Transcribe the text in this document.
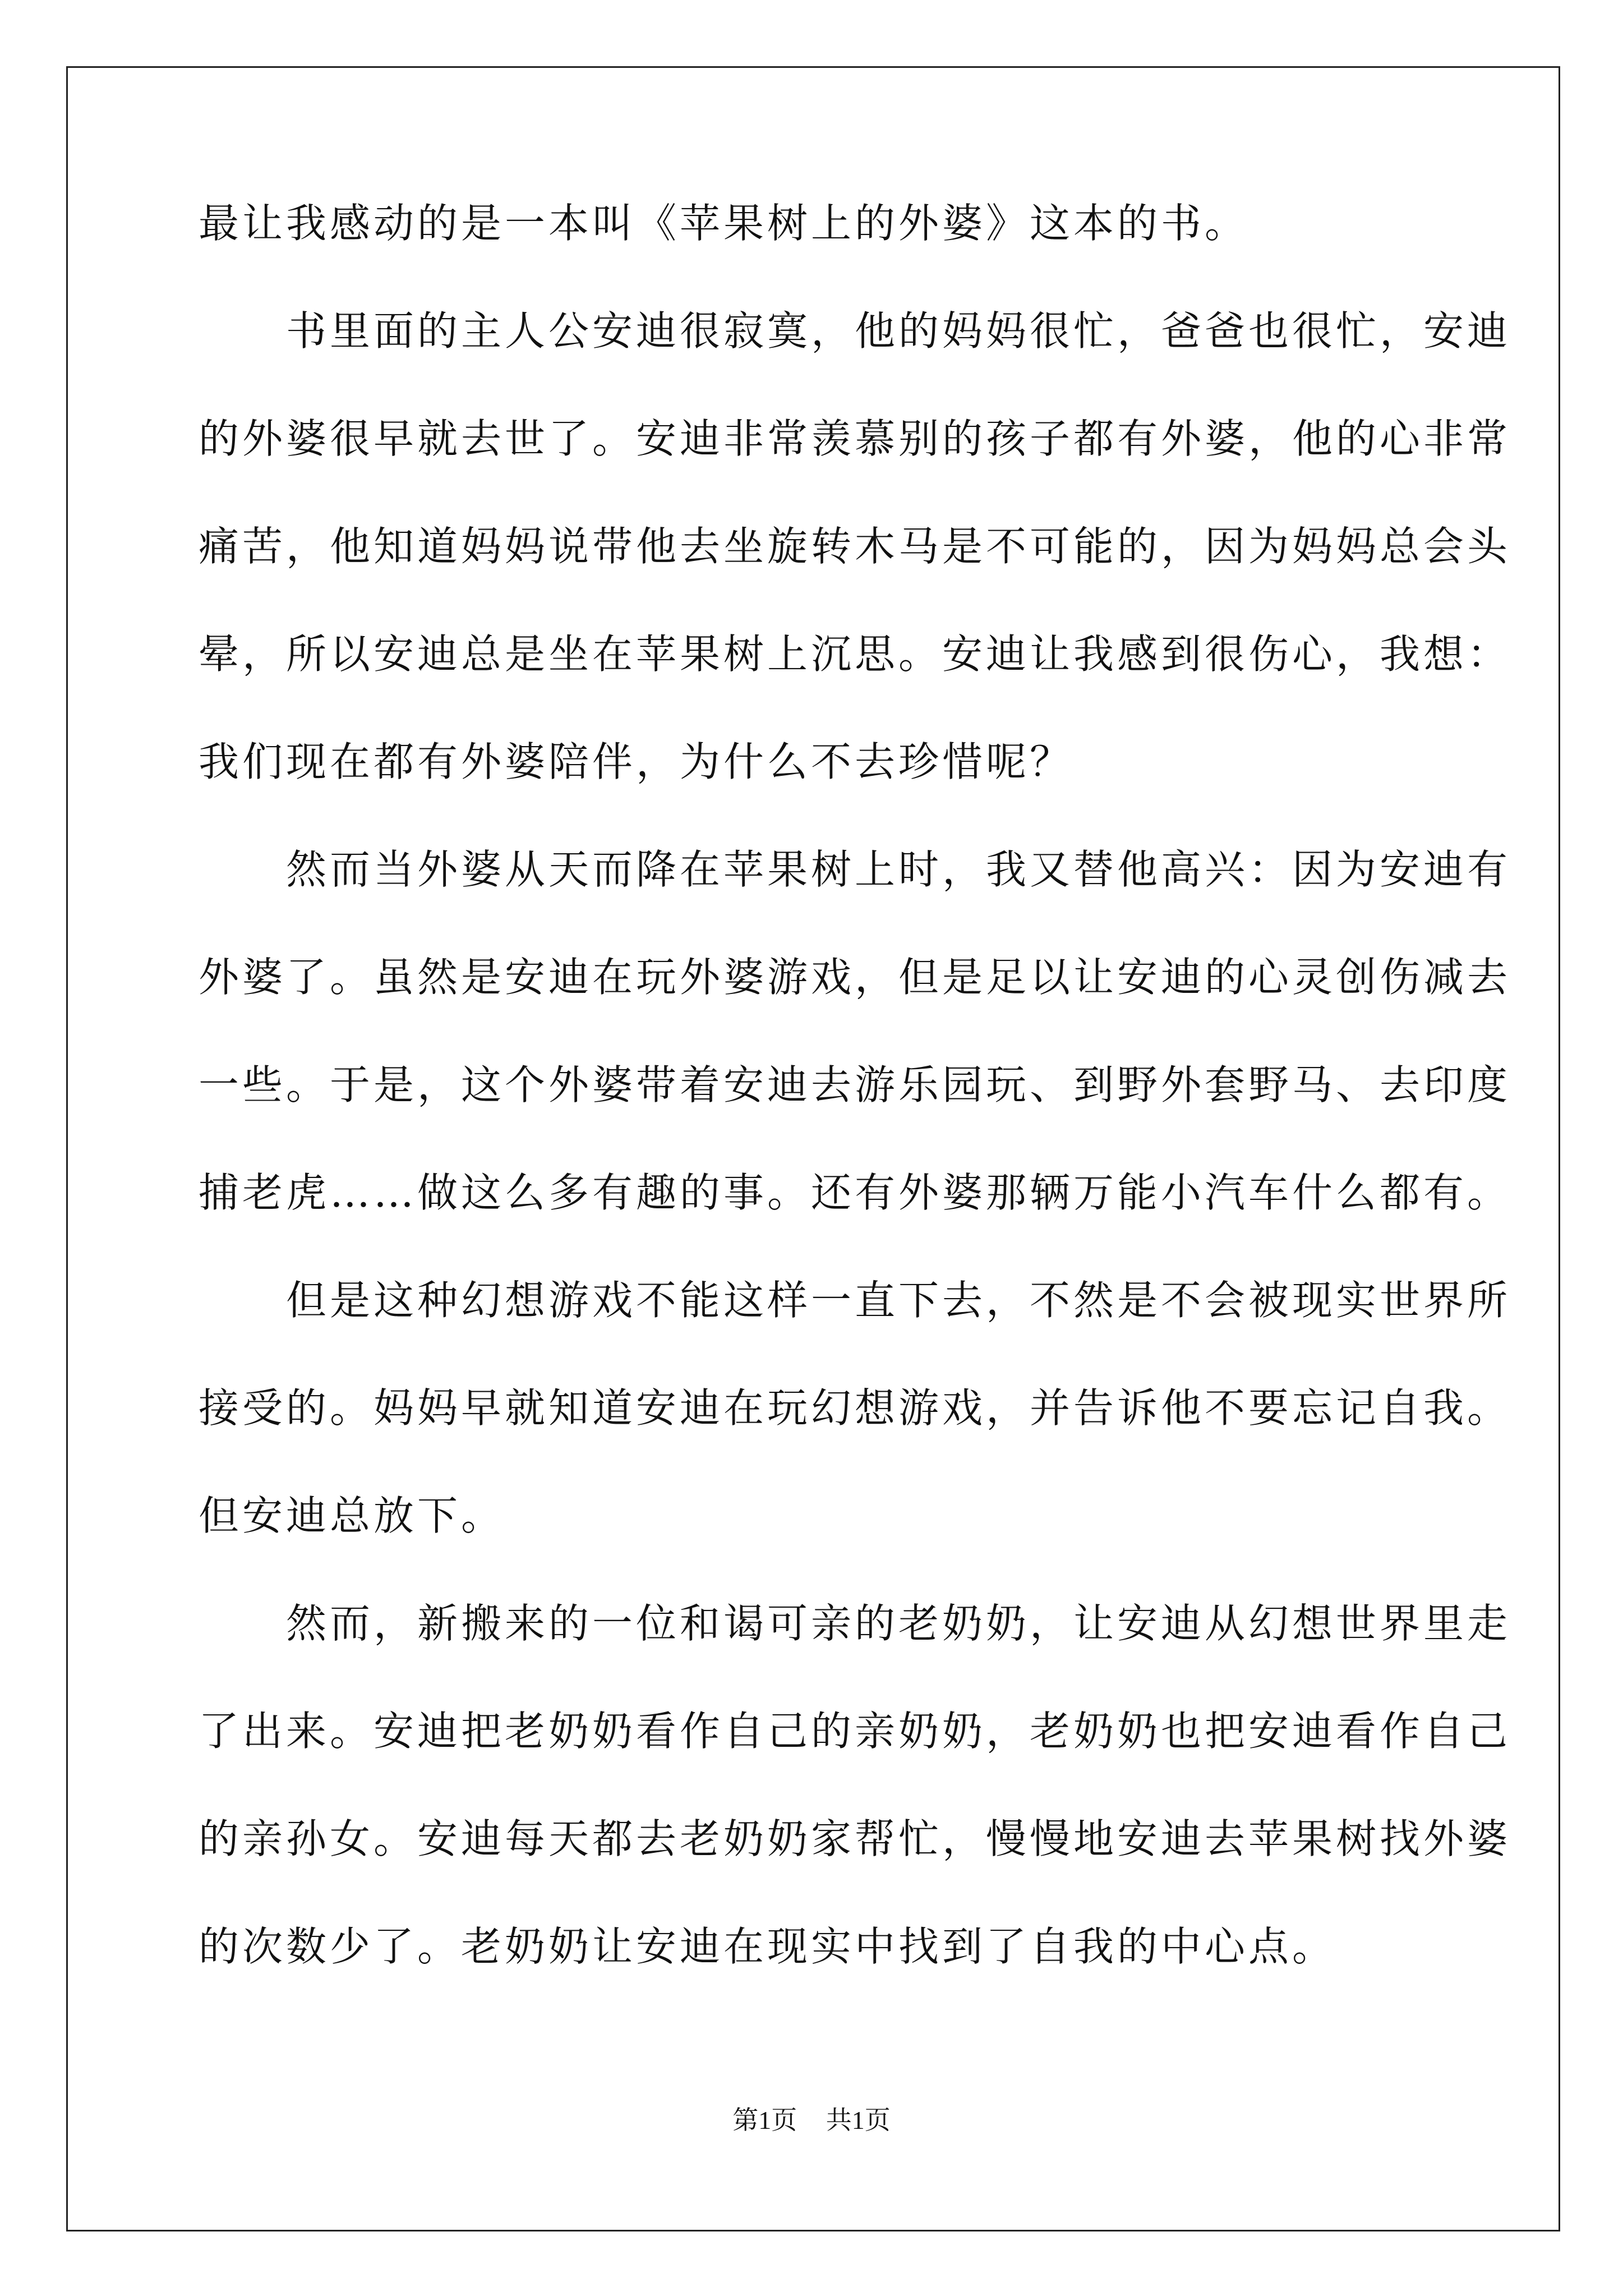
最让我感动的是一本叫《苹果树上的外婆》这本的书。
　　书里面的主人公安迪很寂寞，他的妈妈很忙，爸爸也很忙，安迪
的外婆很早就去世了。安迪非常羡慕别的孩子都有外婆，他的心非常
痛苦，他知道妈妈说带他去坐旋转木马是不可能的，因为妈妈总会头
晕，所以安迪总是坐在苹果树上沉思。安迪让我感到很伤心，我想：
我们现在都有外婆陪伴，为什么不去珍惜呢？
　　然而当外婆从天而降在苹果树上时，我又替他高兴：因为安迪有
外婆了。虽然是安迪在玩外婆游戏，但是足以让安迪的心灵创伤减去
一些。于是，这个外婆带着安迪去游乐园玩、到野外套野马、去印度
捕老虎……做这么多有趣的事。还有外婆那辆万能小汽车什么都有。
　　但是这种幻想游戏不能这样一直下去，不然是不会被现实世界所
接受的。妈妈早就知道安迪在玩幻想游戏，并告诉他不要忘记自我。
但安迪总放下。
　　然而，新搬来的一位和谒可亲的老奶奶，让安迪从幻想世界里走
了出来。安迪把老奶奶看作自己的亲奶奶，老奶奶也把安迪看作自己
的亲孙女。安迪每天都去老奶奶家帮忙，慢慢地安迪去苹果树找外婆
的次数少了。老奶奶让安迪在现实中找到了自我的中心点。
第1页 共1页
